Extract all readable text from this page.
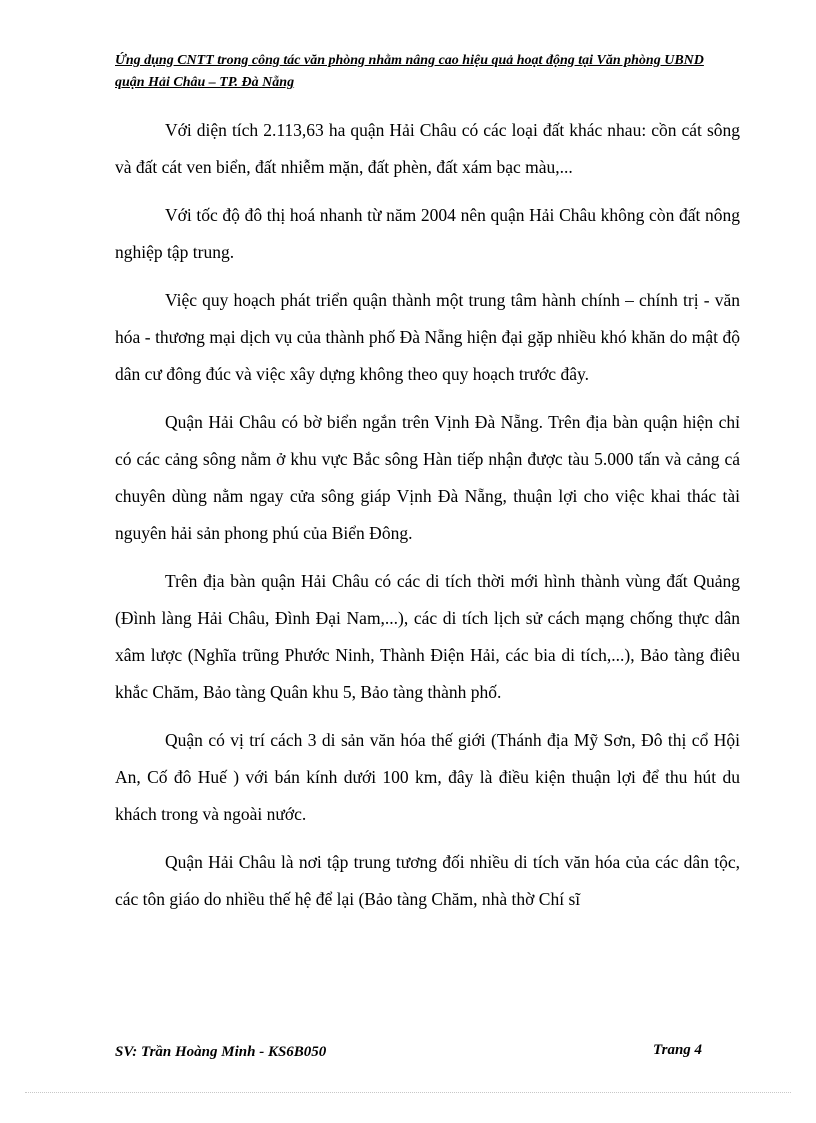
Ứng dụng CNTT trong công tác văn phòng nhằm nâng cao hiệu quả hoạt động tại Văn phòng UBND quận Hải Châu – TP. Đà Nẵng

Với diện tích 2.113,63 ha quận Hải Châu có các loại đất khác nhau: cồn cát sông và đất cát ven biển, đất nhiễm mặn, đất phèn, đất xám bạc màu,...

Với tốc độ đô thị hoá nhanh từ năm 2004 nên quận Hải Châu không còn đất nông nghiệp tập trung.

Việc quy hoạch phát triển quận thành một trung tâm hành chính – chính trị - văn hóa - thương mại dịch vụ của thành phố Đà Nẵng hiện đại gặp nhiều khó khăn do mật độ dân cư đông đúc và việc xây dựng không theo quy hoạch trước đây.

Quận Hải Châu có bờ biển ngắn trên Vịnh Đà Nẵng. Trên địa bàn quận hiện chỉ có các cảng sông nằm ở khu vực Bắc sông Hàn tiếp nhận được tàu 5.000 tấn và cảng cá chuyên dùng nằm ngay cửa sông giáp Vịnh Đà Nẵng, thuận lợi cho việc khai thác tài nguyên hải sản phong phú của Biển Đông.

Trên địa bàn quận Hải Châu có các di tích thời mới hình thành vùng đất Quảng (Đình làng Hải Châu, Đình Đại Nam,...), các di tích lịch sử cách mạng chống thực dân xâm lược (Nghĩa trũng Phước Ninh, Thành Điện Hải, các bia di tích,...), Bảo tàng điêu khắc Chăm, Bảo tàng Quân khu 5, Bảo tàng thành phố.

Quận có vị trí cách 3 di sản văn hóa thế giới (Thánh địa Mỹ Sơn, Đô thị cổ Hội An, Cố đô Huế ) với bán kính dưới 100 km, đây là điều kiện thuận lợi để thu hút du khách trong và ngoài nước.

Quận Hải Châu là nơi tập trung tương đối nhiều di tích văn hóa của các dân tộc, các tôn giáo do nhiều thế hệ để lại (Bảo tàng Chăm, nhà thờ Chí sĩ

SV: Trần Hoàng Minh - KS6B050	Trang 4
